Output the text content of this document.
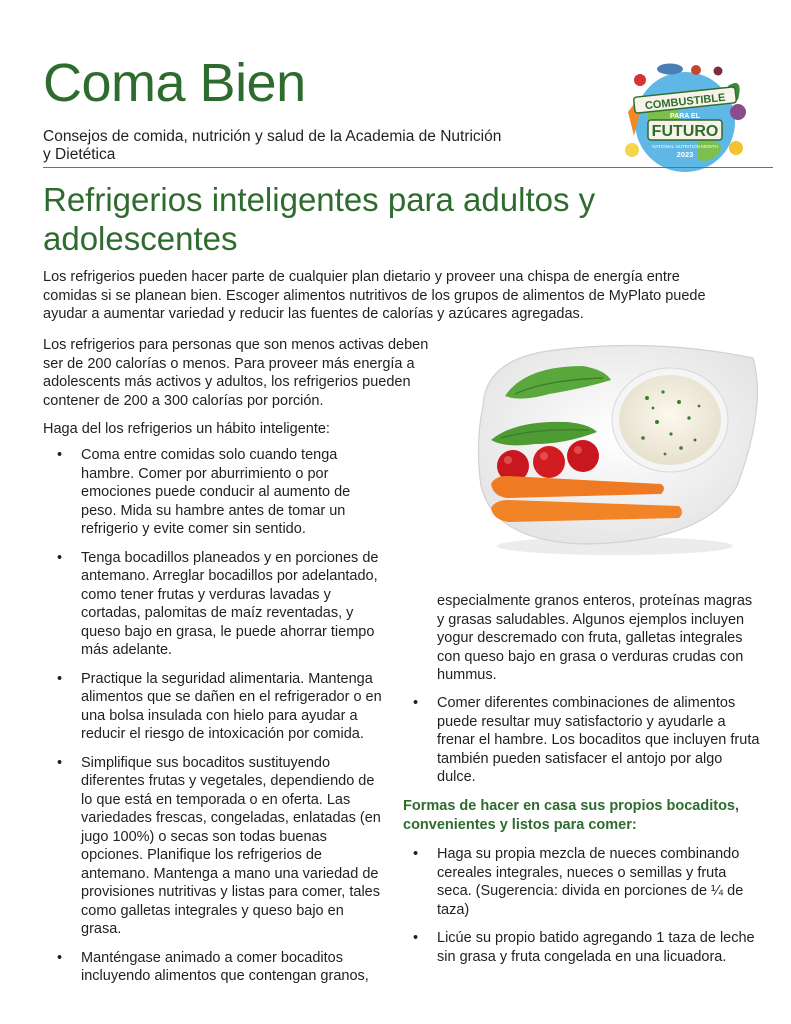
Coma Bien
Consejos de comida, nutrición y salud de la Academia de Nutrición y Dietética
COMBUSTIBLE
PARA EL
FUTURO
NATIONAL NUTRITION MONTH
2023
Refrigerios inteligentes para adultos y adolescentes

Los refrigerios pueden hacer parte de cualquier plan dietario y proveer una chispa de energía entre comidas si se planean bien. Escoger alimentos nutritivos de los grupos de alimentos de MyPlato puede ayudar a aumentar variedad y reducir las fuentes de calorías y azúcares agregadas.

Los refrigerios para personas que son menos activas deben ser de 200 calorías o menos. Para proveer más energía a adolescents más activos y adultos, los refrigerios pueden contener de 200 a 300 calorías por porción.

Haga del los refrigerios un hábito inteligente:

• Coma entre comidas solo cuando tenga hambre. Comer por aburrimiento o por emociones puede conducir al aumento de peso. Mida su hambre antes de tomar un refrigerio y evite comer sin sentido.
• Tenga bocadillos planeados y en porciones de antemano. Arreglar bocadillos por adelantado, como tener frutas y verduras lavadas y cortadas, palomitas de maíz reventadas, y queso bajo en grasa, le puede ahorrar tiempo más adelante.
• Practique la seguridad alimentaria. Mantenga alimentos que se dañen en el refrigerador o en una bolsa insulada con hielo para ayudar a reducir el riesgo de intoxicación por comida.
• Simplifique sus bocaditos sustituyendo diferentes frutas y vegetales, dependiendo de lo que está en temporada o en oferta. Las variedades frescas, congeladas, enlatadas (en jugo 100%) o secas son todas buenas opciones. Planifique los refrigerios de antemano. Mantenga a mano una variedad de provisiones nutritivas y listas para comer, tales como galletas integrales y queso bajo en grasa.
• Manténgase animado a comer bocaditos incluyendo alimentos que contengan granos,

especialmente granos enteros, proteínas magras y grasas saludables. Algunos ejemplos incluyen yogur descremado con fruta, galletas integrales con queso bajo en grasa o verduras crudas con hummus.

• Comer diferentes combinaciones de alimentos puede resultar muy satisfactorio y ayudarle a frenar el hambre. Los bocaditos que incluyen fruta también pueden satisfacer el antojo por algo dulce.

Formas de hacer en casa sus propios bocaditos, convenientes y listos para comer:

• Haga su propia mezcla de nueces combinando cereales integrales, nueces o semillas y fruta seca. (Sugerencia: divida en porciones de ¼ de taza)
• Licúe su propio batido agregando 1 taza de leche sin grasa y fruta congelada en una licuadora.
